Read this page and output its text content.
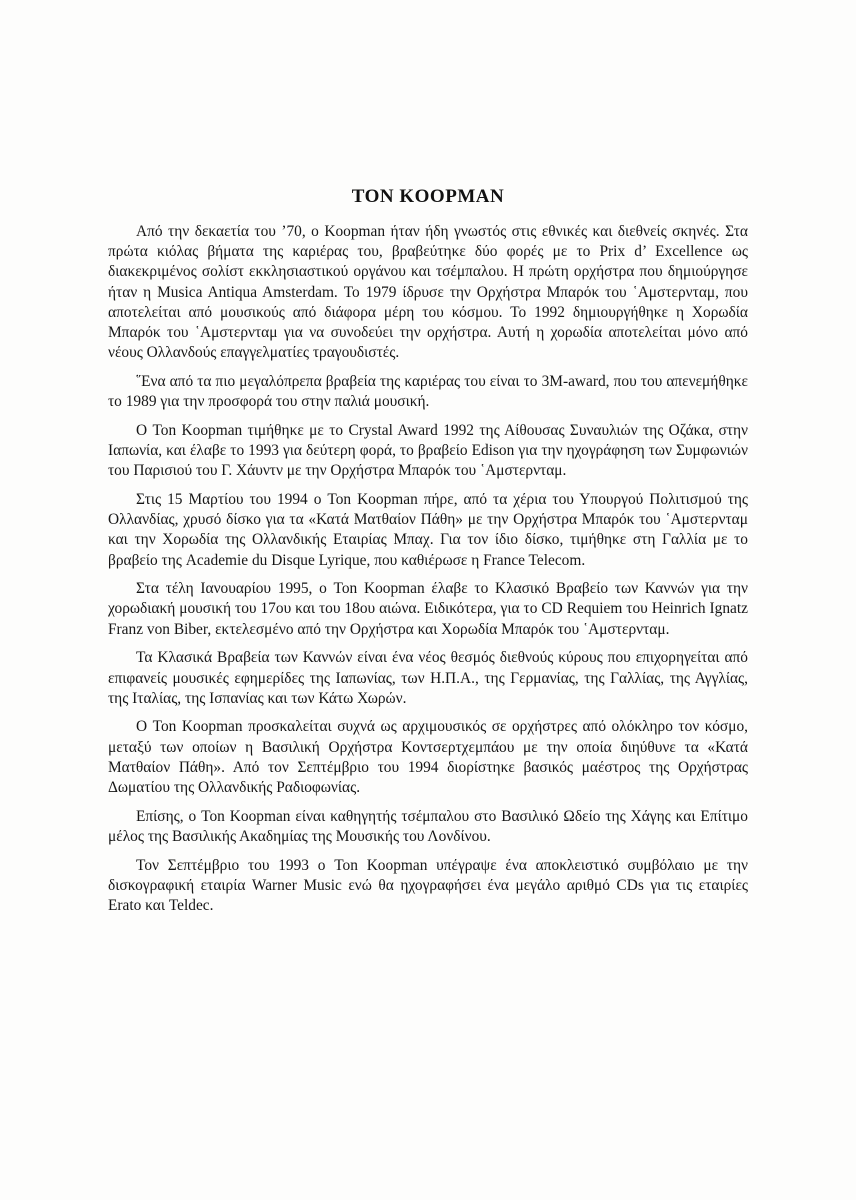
TON KOOPMAN

Από την δεκαετία του ’70, ο Koopman ήταν ήδη γνωστός στις εθνικές και διεθνείς σκηνές. Στα πρώτα κιόλας βήματα της καριέρας του, βραβεύτηκε δύο φορές με το Prix d’ Excellence ως διακεκριμένος σολίστ εκκλησιαστικού οργάνου και τσέμπαλου. Η πρώτη ορχήστρα που δημιούργησε ήταν η Musica Antiqua Amsterdam. Το 1979 ίδρυσε την Ορχήστρα Μπαρόκ του ῾Αμστερνταμ, που αποτελείται από μουσικούς από διάφορα μέρη του κόσμου. Το 1992 δημιουργήθηκε η Χορωδία Μπαρόκ του ῾Αμστερνταμ για να συνοδεύει την ορχήστρα. Αυτή η χορωδία αποτελείται μόνο από νέους Ολλανδούς επαγγελματίες τραγουδιστές.

῞Ενα από τα πιο μεγαλόπρεπα βραβεία της καριέρας του είναι το 3M-award, που του απενεμήθηκε το 1989 για την προσφορά του στην παλιά μουσική.

Ο Ton Koopman τιμήθηκε με το Crystal Award 1992 της Αίθουσας Συναυλιών της Οζάκα, στην Ιαπωνία, και έλαβε το 1993 για δεύτερη φορά, το βραβείο Edison για την ηχογράφηση των Συμφωνιών του Παρισιού του Γ. Χάυντν με την Ορχήστρα Μπαρόκ του ῾Αμστερνταμ.

Στις 15 Μαρτίου του 1994 ο Ton Koopman πήρε, από τα χέρια του Υπουργού Πολιτισμού της Ολλανδίας, χρυσό δίσκο για τα «Κατά Ματθαίον Πάθη» με την Ορχήστρα Μπαρόκ του ῾Αμστερνταμ και την Χορωδία της Ολλανδικής Εταιρίας Μπαχ. Για τον ίδιο δίσκο, τιμήθηκε στη Γαλλία με το βραβείο της Academie du Disque Lyrique, που καθιέρωσε η France Telecom.

Στα τέλη Ιανουαρίου 1995, ο Ton Koopman έλαβε το Κλασικό Βραβείο των Καννών για την χορωδιακή μουσική του 17ου και του 18ου αιώνα. Ειδικότερα, για το CD Requiem του Heinrich Ignatz Franz von Biber, εκτελεσμένο από την Ορχήστρα και Χορωδία Μπαρόκ του ῾Αμστερνταμ.

Τα Κλασικά Βραβεία των Καννών είναι ένα νέος θεσμός διεθνούς κύρους που επιχορηγείται από επιφανείς μουσικές εφημερίδες της Ιαπωνίας, των Η.Π.Α., της Γερμανίας, της Γαλλίας, της Αγγλίας, της Ιταλίας, της Ισπανίας και των Κάτω Χωρών.

Ο Ton Koopman προσκαλείται συχνά ως αρχιμουσικός σε ορχήστρες από ολόκληρο τον κόσμο, μεταξύ των οποίων η Βασιλική Ορχήστρα Κοντσερτχεμπάου με την οποία διηύθυνε τα «Κατά Ματθαίον Πάθη». Από τον Σεπτέμβριο του 1994 διορίστηκε βασικός μαέστρος της Ορχήστρας Δωματίου της Ολλανδικής Ραδιοφωνίας.

Επίσης, ο Ton Koopman είναι καθηγητής τσέμπαλου στο Βασιλικό Ωδείο της Χάγης και Επίτιμο μέλος της Βασιλικής Ακαδημίας της Μουσικής του Λονδίνου.

Τον Σεπτέμβριο του 1993 ο Ton Koopman υπέγραψε ένα αποκλειστικό συμβόλαιο με την δισκογραφική εταιρία Warner Music ενώ θα ηχογραφήσει ένα μεγάλο αριθμό CDs για τις εταιρίες Erato και Teldec.
